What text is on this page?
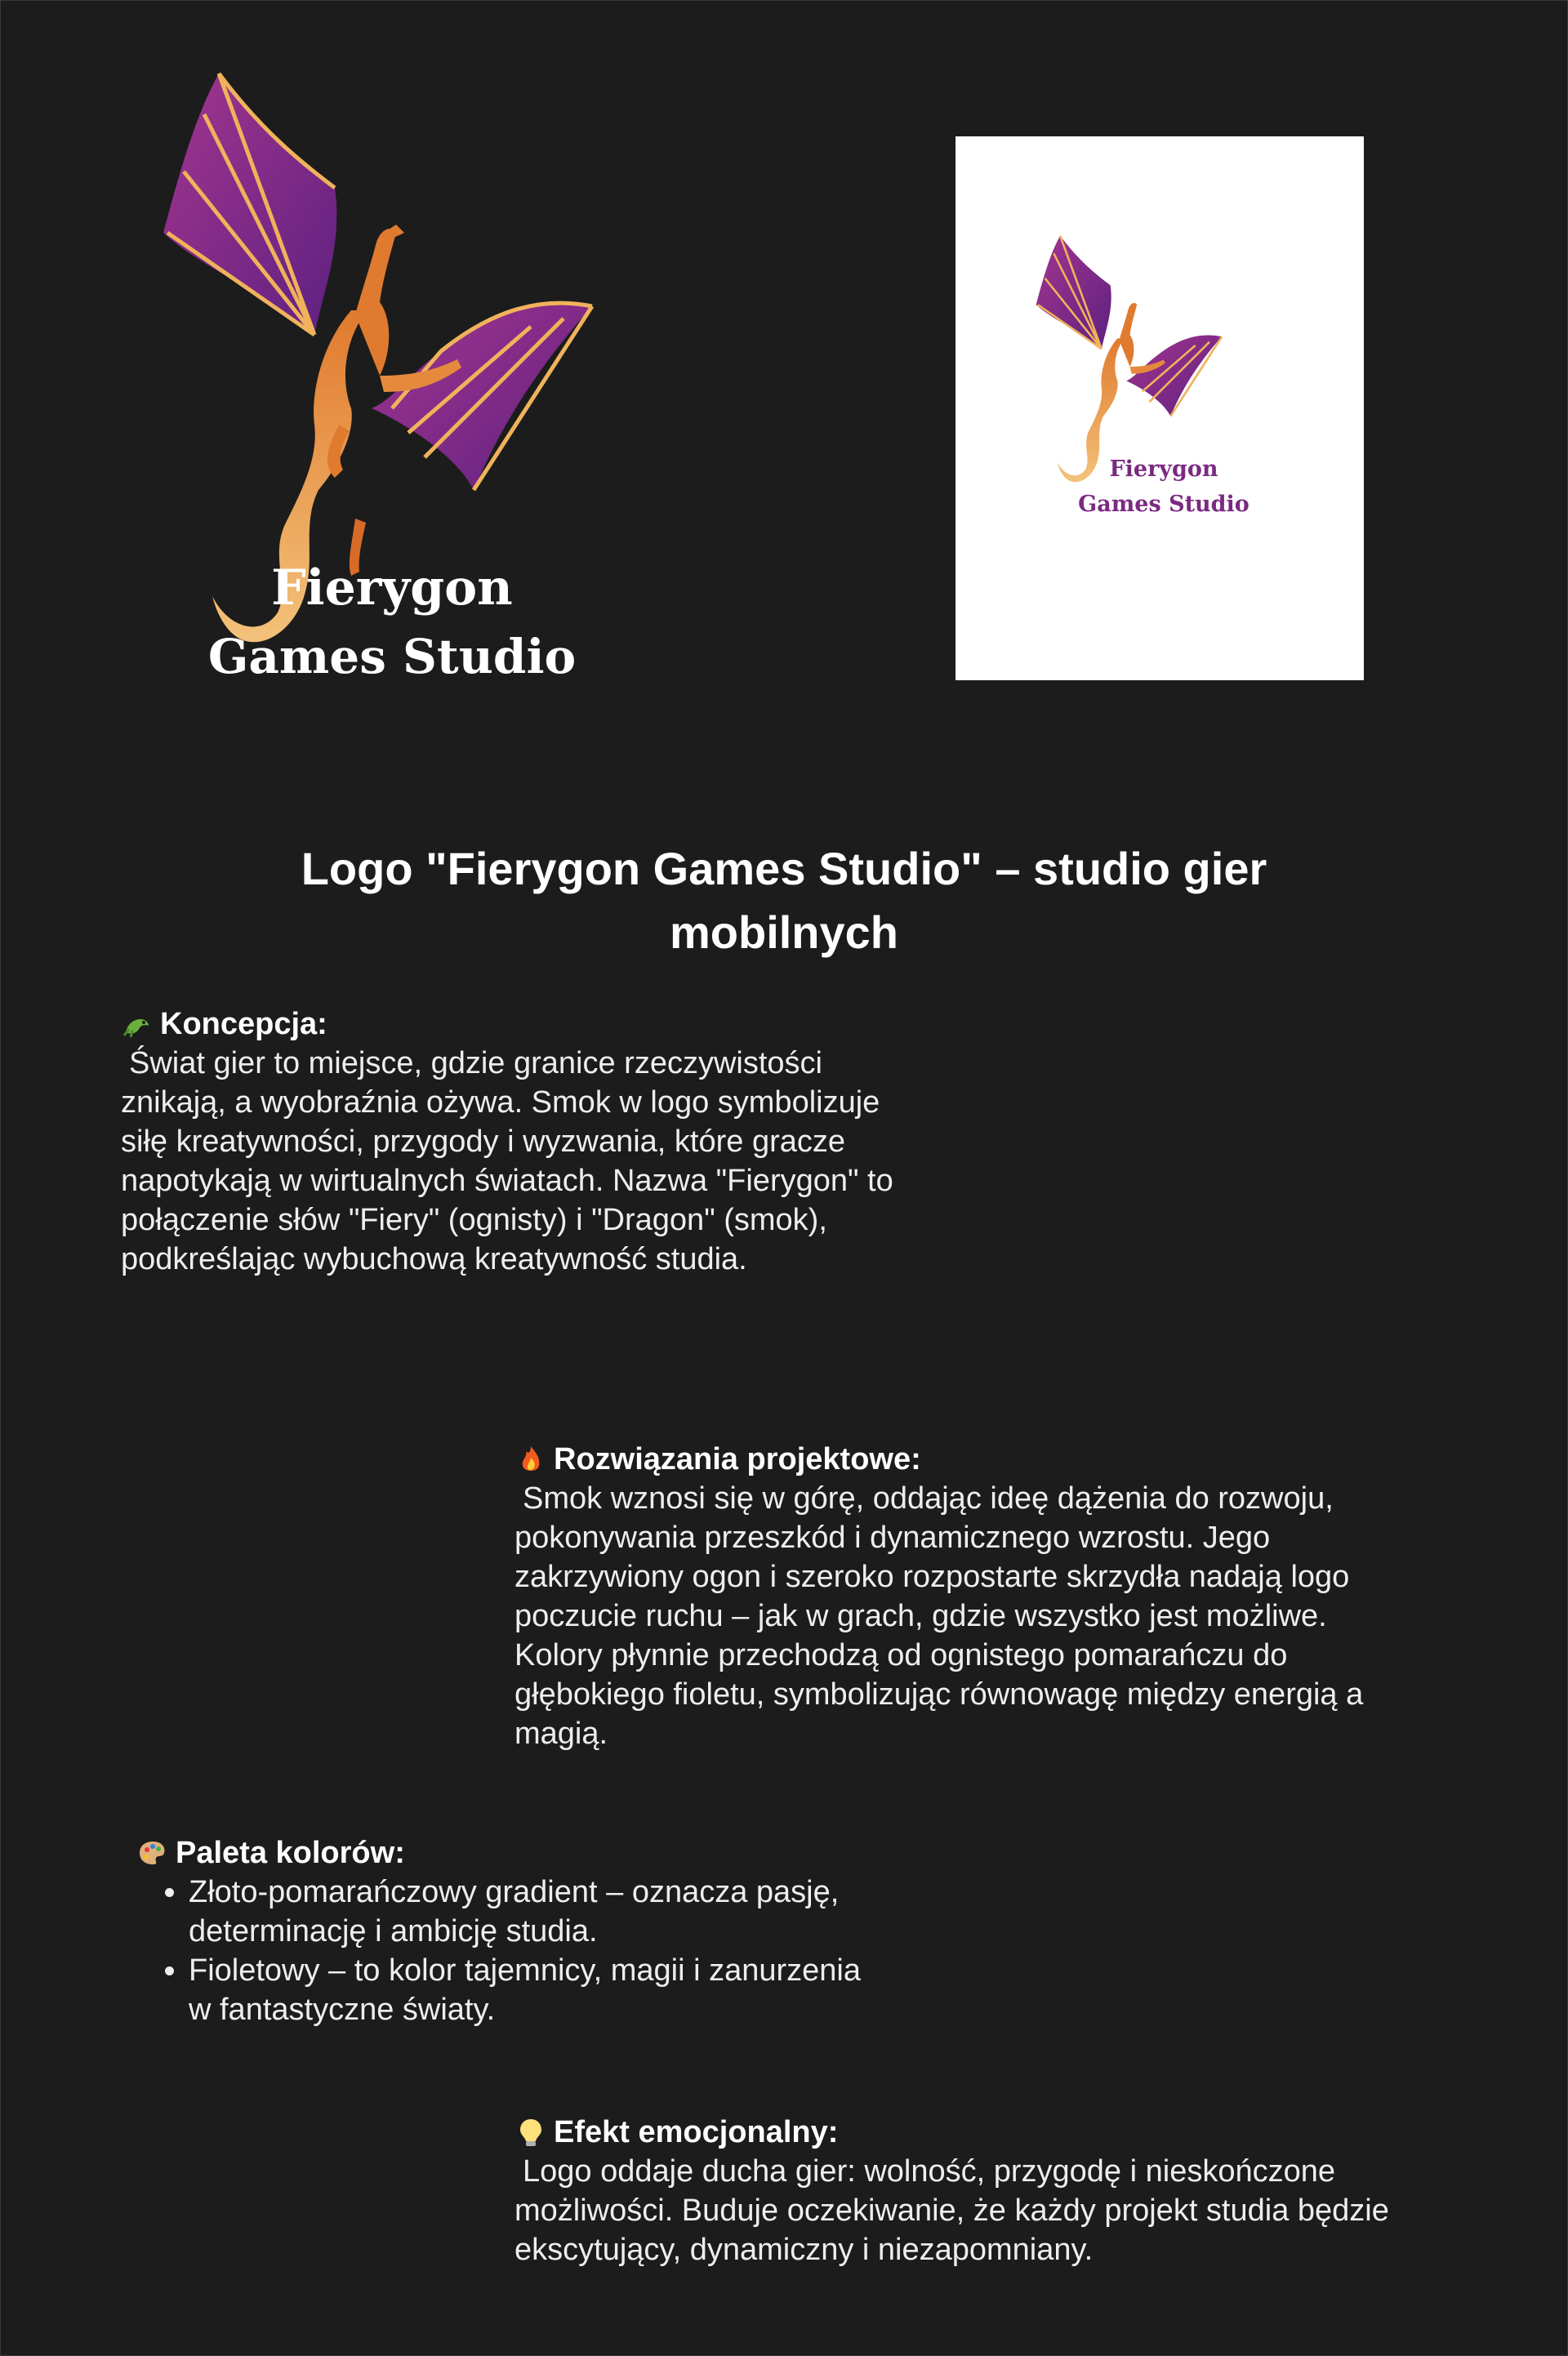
Fierygon
Games Studio
Fierygon
Games Studio
Logo "Fierygon Games Studio" – studio gier mobilnych
Koncepcja:

Świat gier to miejsce, gdzie granice rzeczywistości znikają, a wyobraźnia ożywa. Smok w logo symbolizuje siłę kreatywności, przygody i wyzwania, które gracze napotykają w wirtualnych światach. Nazwa "Fierygon" to połączenie słów "Fiery" (ognisty) i "Dragon" (smok), podkreślając wybuchową kreatywność studia.

Rozwiązania projektowe:

Smok wznosi się w górę, oddając ideę dążenia do rozwoju, pokonywania przeszkód i dynamicznego wzrostu. Jego zakrzywiony ogon i szeroko rozpostarte skrzydła nadają logo poczucie ruchu – jak w grach, gdzie wszystko jest możliwe. Kolory płynnie przechodzą od ognistego pomarańczu do głębokiego fioletu, symbolizując równowagę między energią a magią.

Paleta kolorów:
• Złoto-pomarańczowy gradient – oznacza pasję, determinację i ambicję studia.
• Fioletowy – to kolor tajemnicy, magii i zanurzenia w fantastyczne światy.
Efekt emocjonalny:

Logo oddaje ducha gier: wolność, przygodę i nieskończone możliwości. Buduje oczekiwanie, że każdy projekt studia będzie ekscytujący, dynamiczny i niezapomniany.
